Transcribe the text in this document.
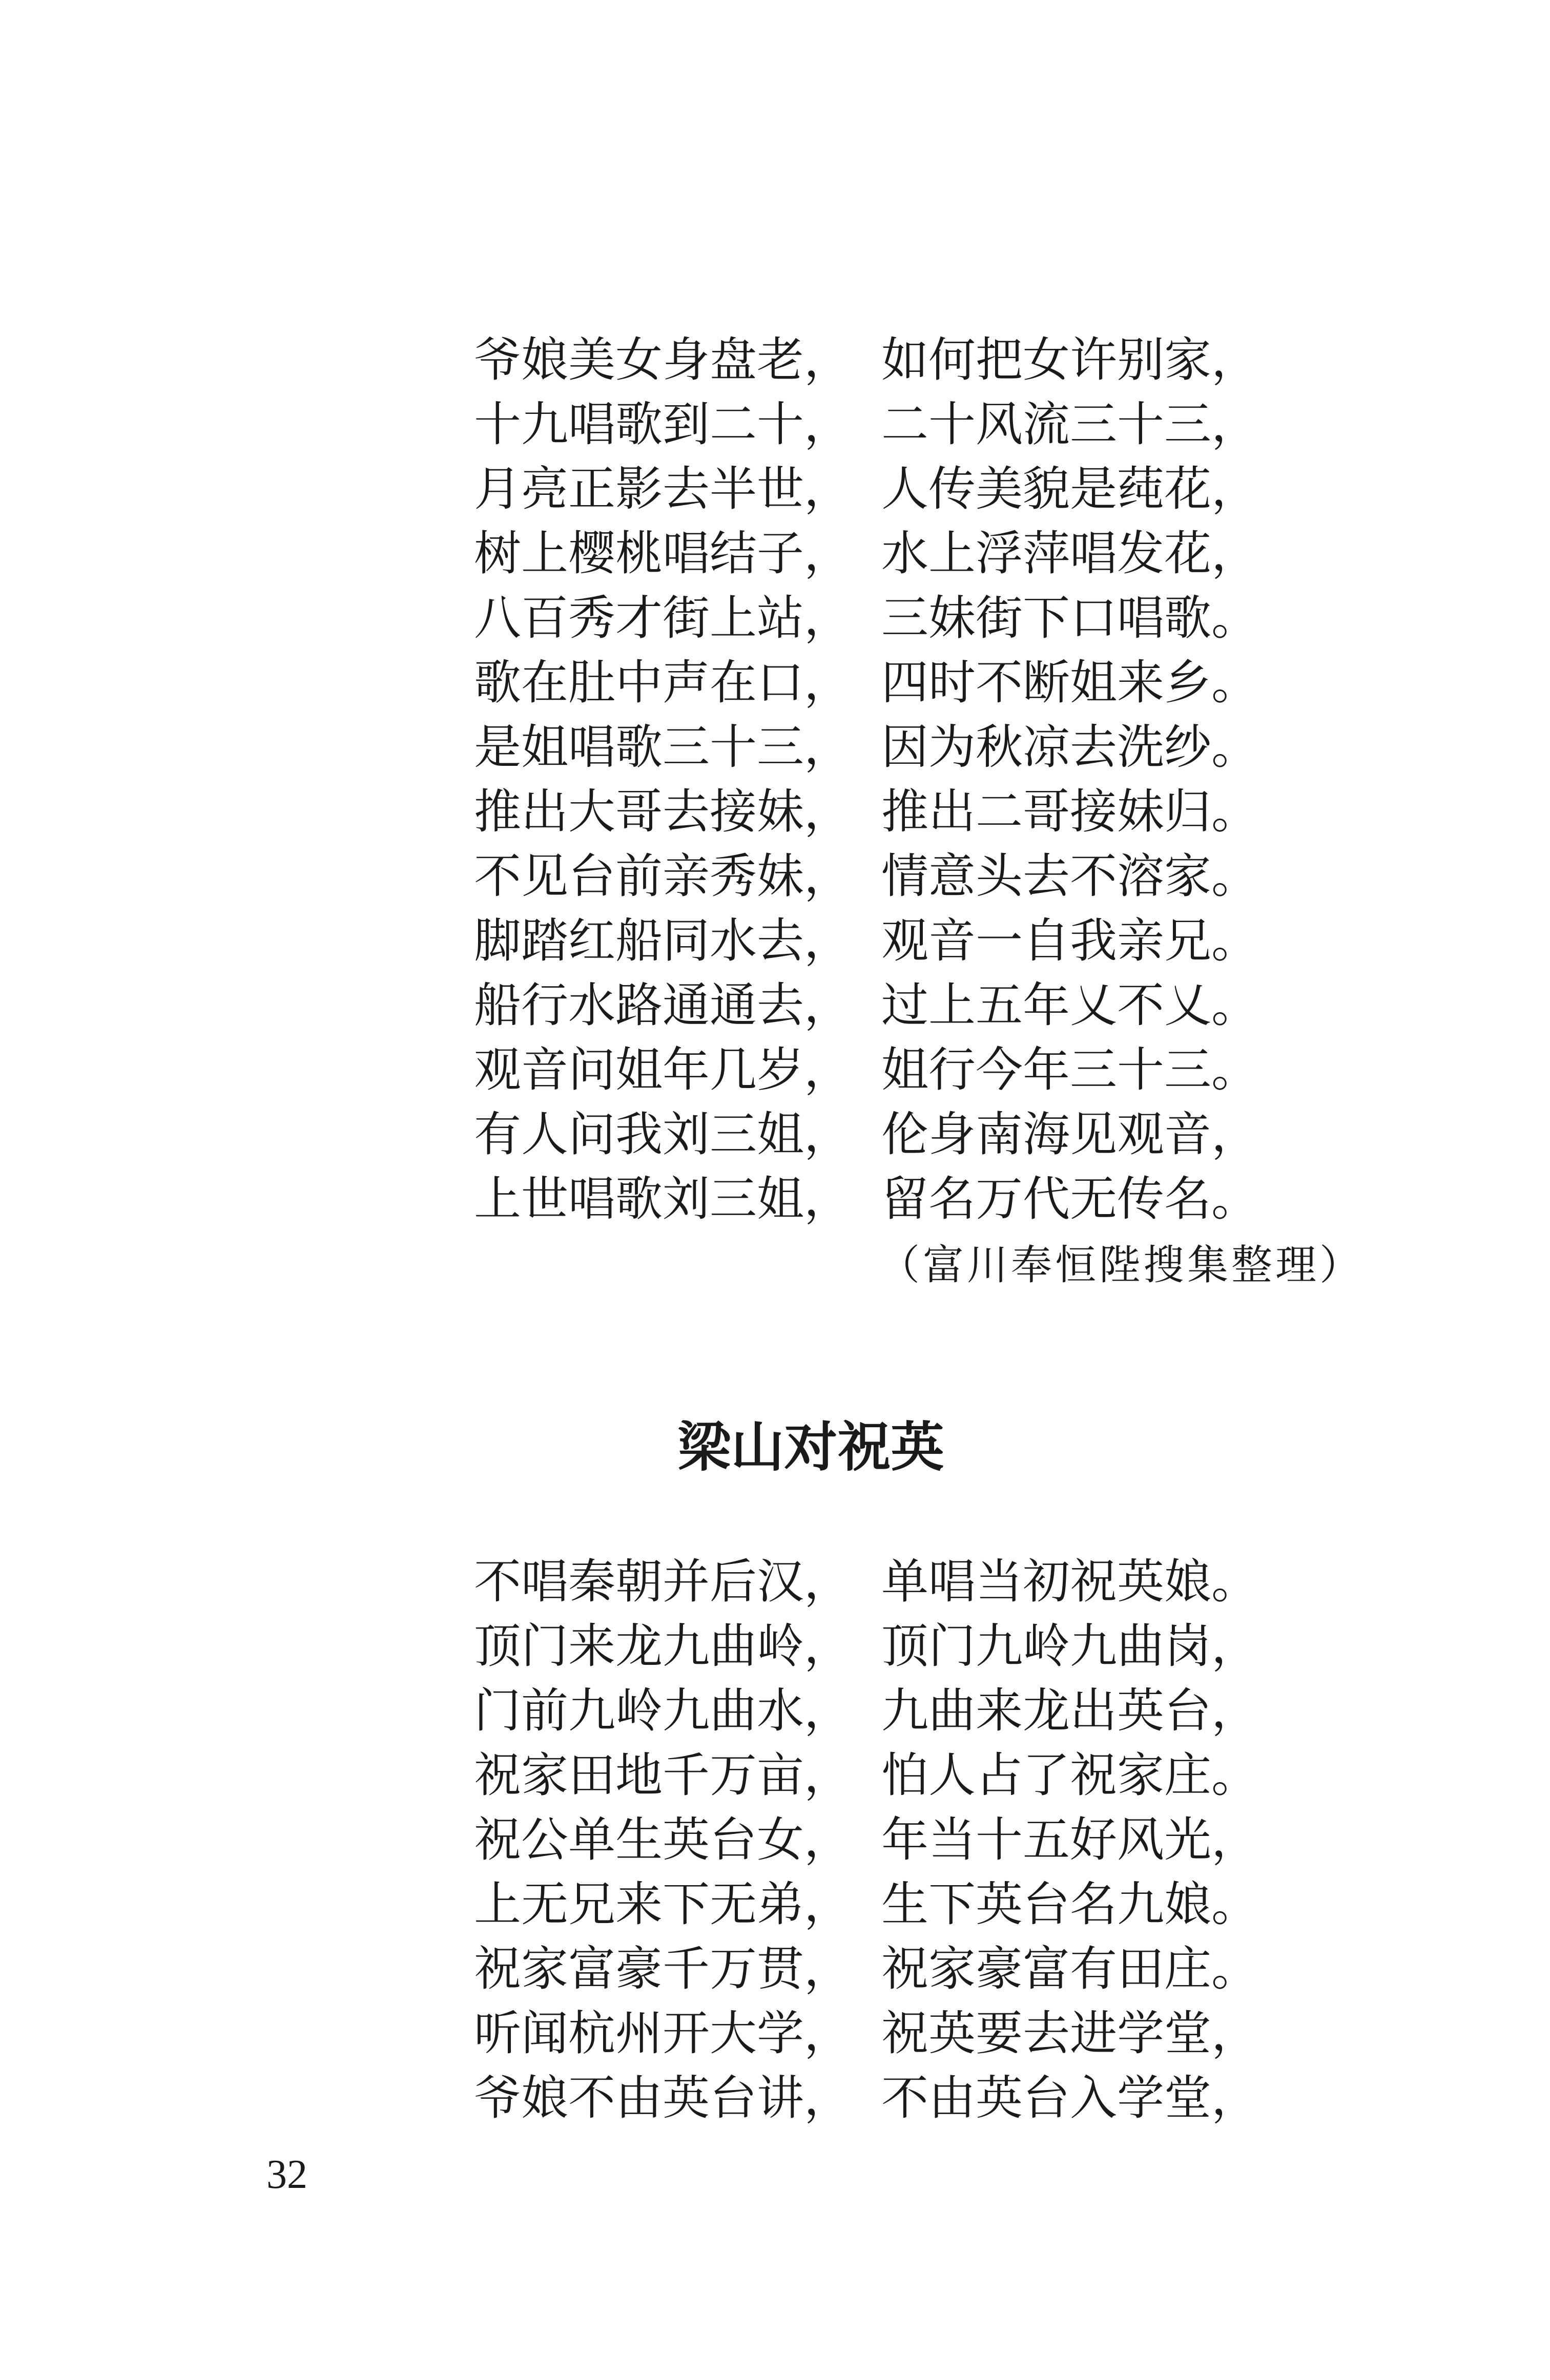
爷娘美女身盘老， 如何把女许别家，
十九唱歌到二十， 二十风流三十三，
月亮正影去半世， 人传美貌是莼花，
树上樱桃唱结子， 水上浮萍唱发花，
八百秀才街上站， 三妹街下口唱歌。
歌在肚中声在口， 四时不断姐来乡。
是姐唱歌三十三， 因为秋凉去洗纱。
推出大哥去接妹， 推出二哥接妹归。
不见台前亲秀妹， 情意头去不溶家。
脚踏红船同水去， 观音一自我亲兄。
船行水路通通去， 过上五年乂不乂。
观音问姐年几岁， 姐行今年三十三。
有人问我刘三姐， 伦身南海见观音，
上世唱歌刘三姐， 留名万代无传名。
（富川奉恒陛搜集整理）
梁山对祝英
不唱秦朝并后汉， 单唱当初祝英娘。
顶门来龙九曲岭， 顶门九岭九曲岗，
门前九岭九曲水， 九曲来龙出英台，
祝家田地千万亩， 怕人占了祝家庄。
祝公单生英台女， 年当十五好风光，
上无兄来下无弟， 生下英台名九娘。
祝家富豪千万贯， 祝家豪富有田庄。
听闻杭州开大学， 祝英要去进学堂，
爷娘不由英台讲， 不由英台入学堂，
32
